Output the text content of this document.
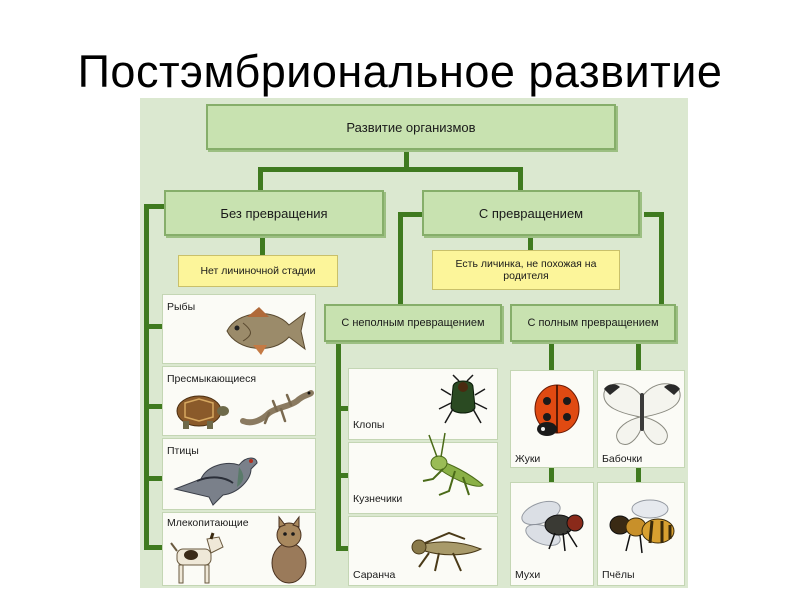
Постэмбриональное развитие
Развитие организмов
Без превращения	С превращением
Нет личиночной стадии
Есть личинка, не похожая на
родителя
С неполным превращением	С полным превращением
Рыбы
Пресмыкающиеся
Птицы
Млекопитающие
Клопы
Кузнечики
Саранча
Жуки	Бабочки
Мухи	Пчёлы
